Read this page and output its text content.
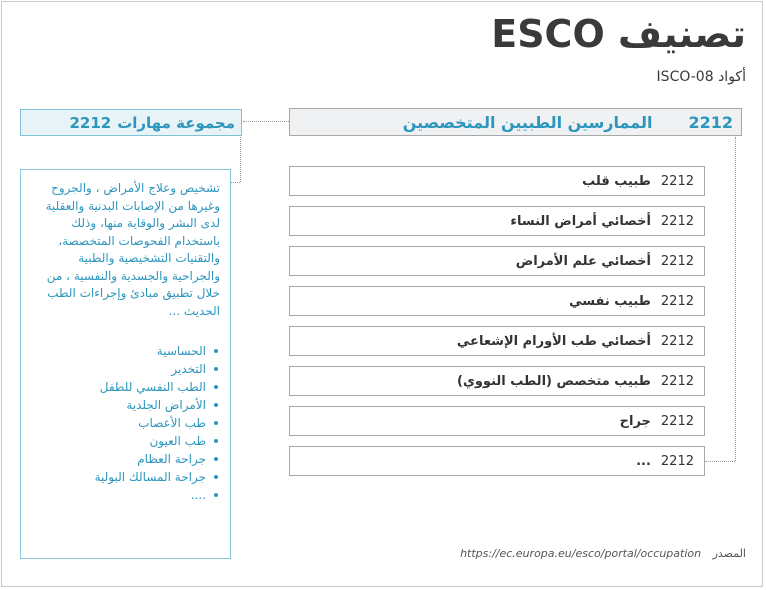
تصنيف ESCO

أكواد ISCO-08

مجموعة مهارات
2212	2212
الممارسين الطبيين المتخصصين

تشخيص وعلاج الأمراض ، والجروح وغيرها من الإصابات البدنية والعقلية لدى البشر والوقاية منها، وذلك باستخدام الفحوصات المتخصصة، والتقنيات التشخيصية والطبية والجراحية والجسدية والنفسية ، من خلال تطبيق مبادئ وإجراءات الطب الحديث ...

الحساسية
التخدير
الطب النفسي للطفل
الأمراض الجلدية
طب الأعصاب
طب العيون
جراحة العظام
جراحة المسالك البولية
....
2212
طبيب قلب
2212
أخصائي أمراض النساء
2212
أخصائي علم الأمراض
2212
طبيب نفسي
2212
أخصائي طب الأورام الإشعاعي
2212
طبيب متخصص (الطب النووي)
2212
جراح
2212
...

المصدر https://ec.europa.eu/esco/portal/occupation
